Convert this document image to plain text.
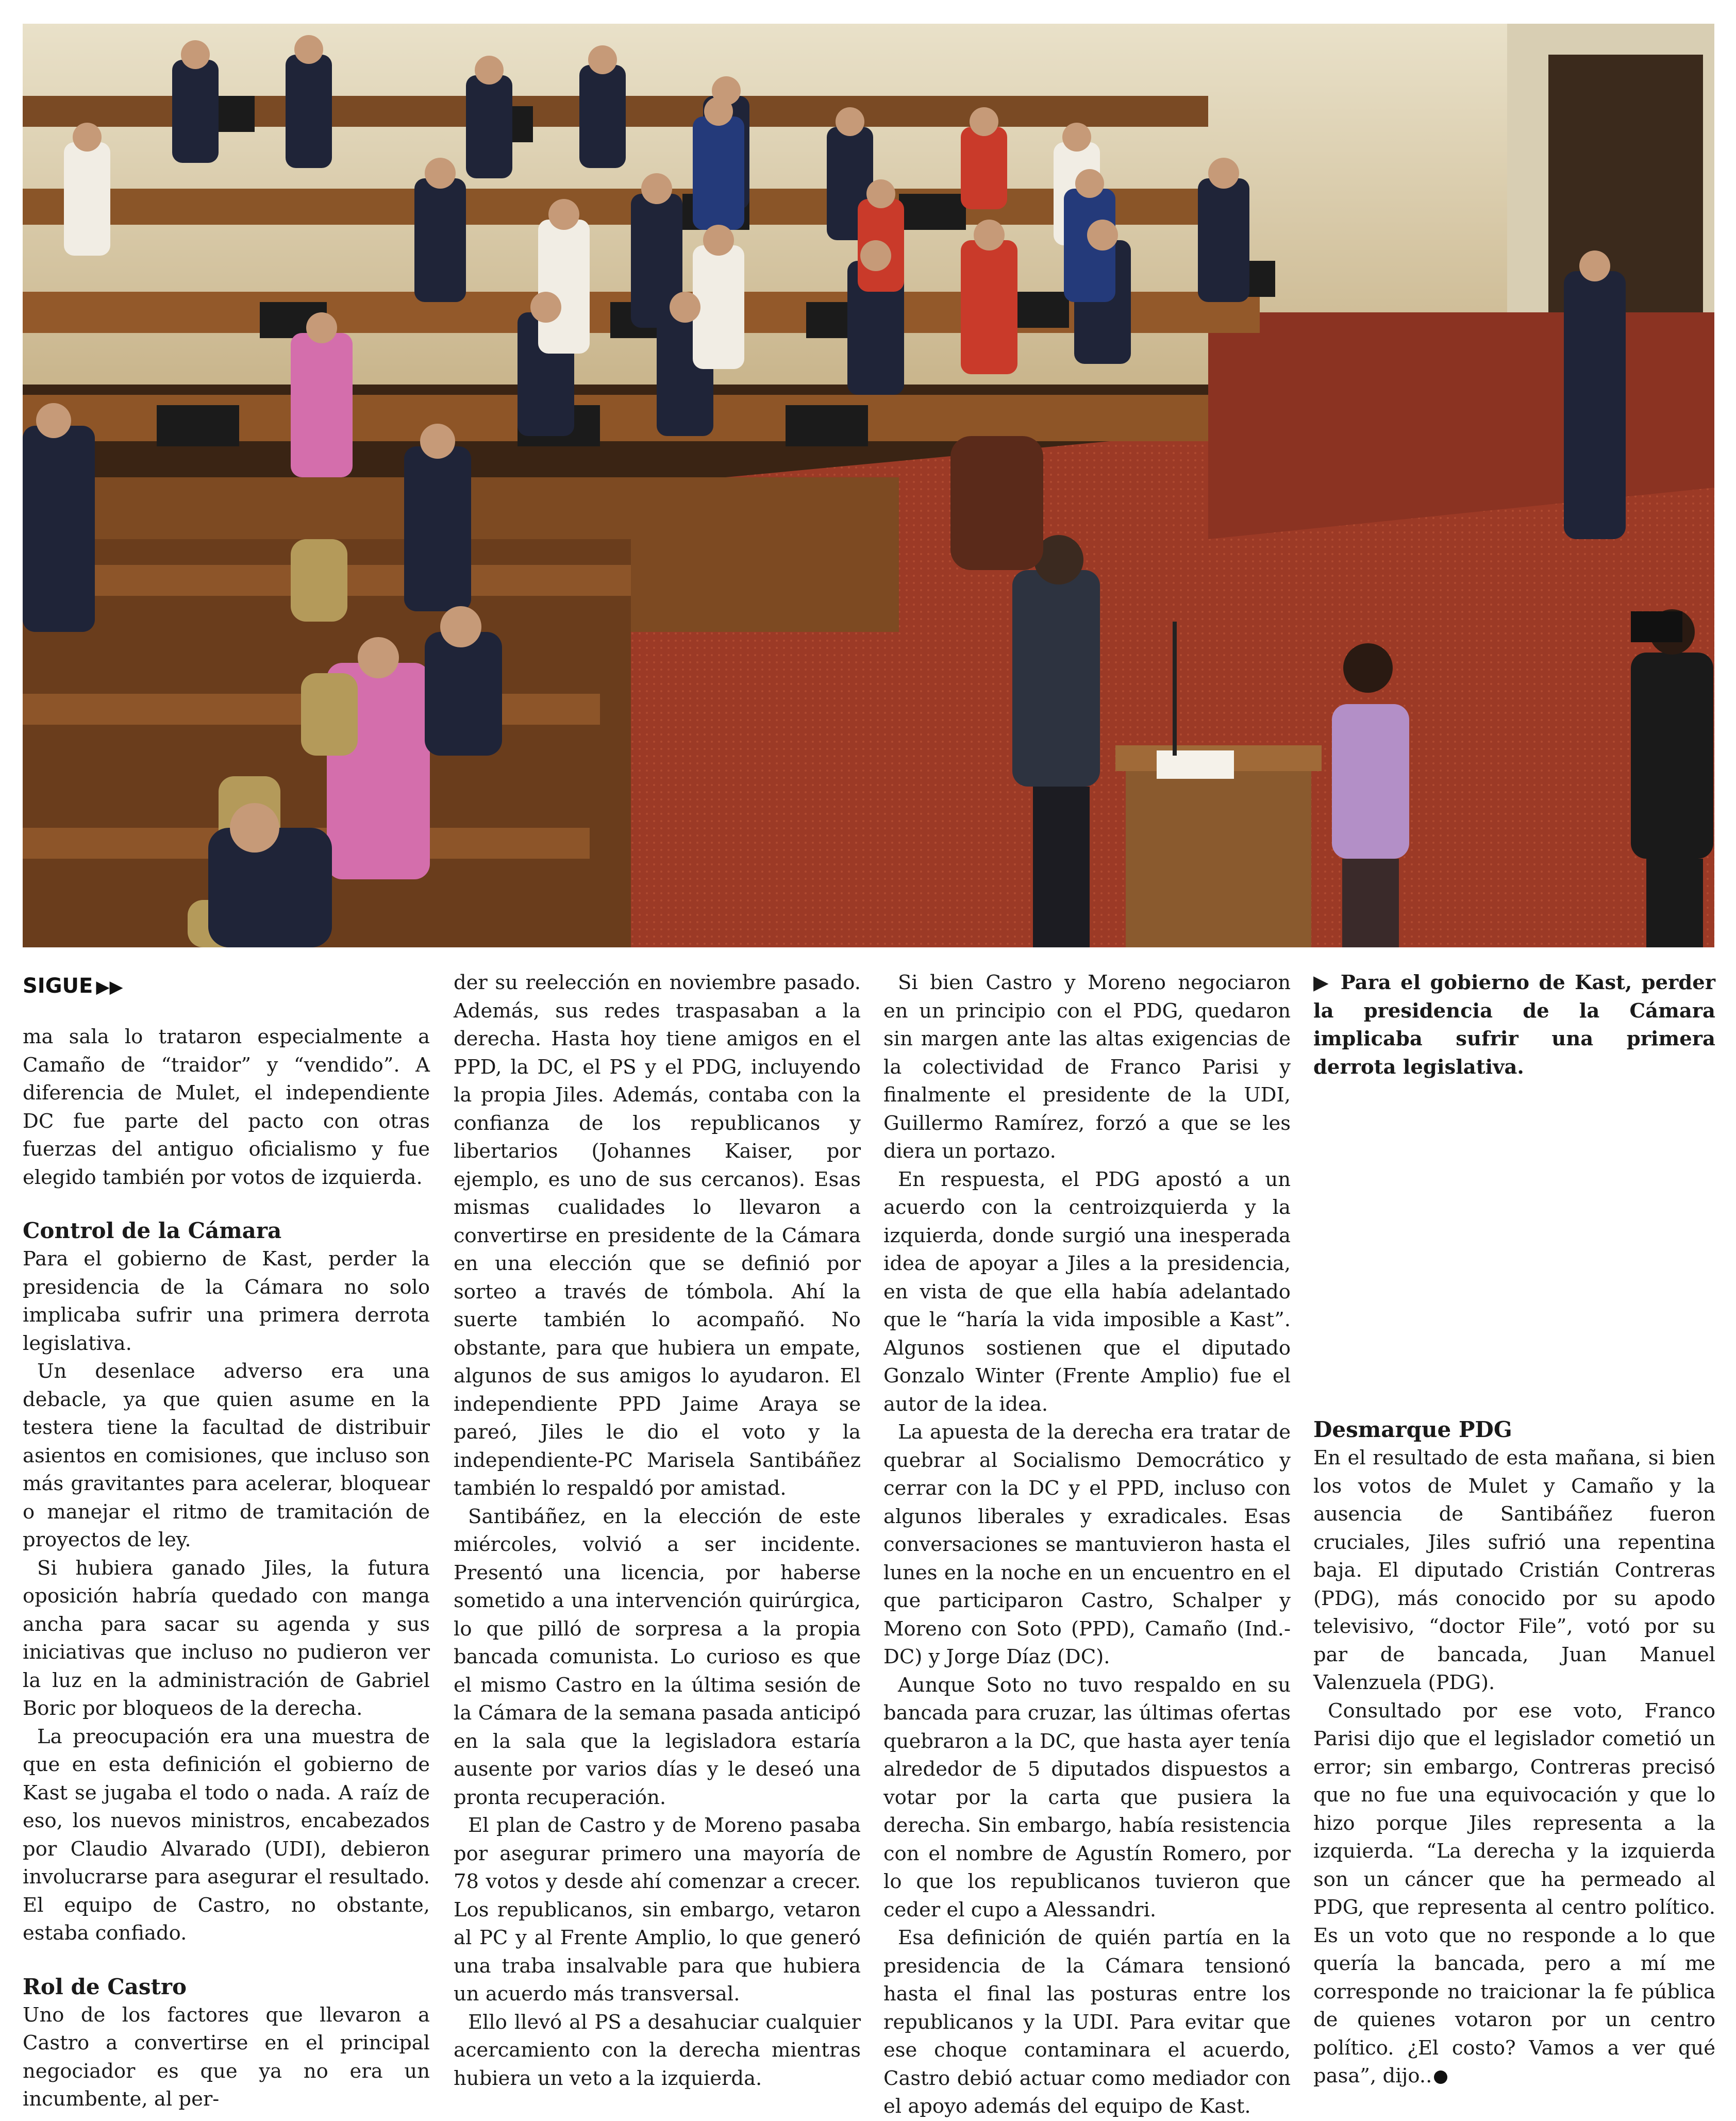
SIGUE ▶▶

ma sala lo trataron especialmente a Camaño de “traidor” y “vendido”. A diferencia de Mulet, el independiente DC fue parte del pacto con otras fuerzas del antiguo oficialismo y fue elegido también por votos de izquierda.

Control de la Cámara

Para el gobierno de Kast, perder la presidencia de la Cámara no solo implicaba sufrir una primera derrota legislativa.

Un desenlace adverso era una debacle, ya que quien asume en la testera tiene la facultad de distribuir asientos en comisiones, que incluso son más gravitantes para acelerar, bloquear o manejar el ritmo de tramitación de proyectos de ley.

Si hubiera ganado Jiles, la futura oposición habría quedado con manga ancha para sacar su agenda y sus iniciativas que incluso no pudieron ver la luz en la administración de Gabriel Boric por bloqueos de la derecha.

La preocupación era una muestra de que en esta definición el gobierno de Kast se jugaba el todo o nada. A raíz de eso, los nuevos ministros, encabezados por Claudio Alvarado (UDI), debieron involucrarse para asegurar el resultado. El equipo de Castro, no obstante, estaba confiado.

Rol de Castro

Uno de los factores que llevaron a Castro a convertirse en el principal negociador es que ya no era un incumbente, al per-

der su reelección en noviembre pasado. Además, sus redes traspasaban a la derecha. Hasta hoy tiene amigos en el PPD, la DC, el PS y el PDG, incluyendo la propia Jiles. Además, contaba con la confianza de los republicanos y libertarios (Johannes Kaiser, por ejemplo, es uno de sus cercanos). Esas mismas cualidades lo llevaron a convertirse en presidente de la Cámara en una elección que se definió por sorteo a través de tómbola. Ahí la suerte también lo acompañó. No obstante, para que hubiera un empate, algunos de sus amigos lo ayudaron. El independiente PPD Jaime Araya se pareó, Jiles le dio el voto y la independiente-PC Marisela Santibáñez también lo respaldó por amistad.

Santibáñez, en la elección de este miércoles, volvió a ser incidente. Presentó una licencia, por haberse sometido a una intervención quirúrgica, lo que pilló de sorpresa a la propia bancada comunista. Lo curioso es que el mismo Castro en la última sesión de la Cámara de la semana pasada anticipó en la sala que la legisladora estaría ausente por varios días y le deseó una pronta recuperación.

El plan de Castro y de Moreno pasaba por asegurar primero una mayoría de 78 votos y desde ahí comenzar a crecer. Los republicanos, sin embargo, vetaron al PC y al Frente Amplio, lo que generó una traba insalvable para que hubiera un acuerdo más transversal.

Ello llevó al PS a desahuciar cualquier acercamiento con la derecha mientras hubiera un veto a la izquierda.

Si bien Castro y Moreno negociaron en un principio con el PDG, quedaron sin margen ante las altas exigencias de la colectividad de Franco Parisi y finalmente el presidente de la UDI, Guillermo Ramírez, forzó a que se les diera un portazo.

En respuesta, el PDG apostó a un acuerdo con la centroizquierda y la izquierda, donde surgió una inesperada idea de apoyar a Jiles a la presidencia, en vista de que ella había adelantado que le “haría la vida imposible a Kast”. Algunos sostienen que el diputado Gonzalo Winter (Frente Amplio) fue el autor de la idea.

La apuesta de la derecha era tratar de quebrar al Socialismo Democrático y cerrar con la DC y el PPD, incluso con algunos liberales y exradicales. Esas conversaciones se mantuvieron hasta el lunes en la noche en un encuentro en el que participaron Castro, Schalper y Moreno con Soto (PPD), Camaño (Ind.-DC) y Jorge Díaz (DC).

Aunque Soto no tuvo respaldo en su bancada para cruzar, las últimas ofertas quebraron a la DC, que hasta ayer tenía alrededor de 5 diputados dispuestos a votar por la carta que pusiera la derecha. Sin embargo, había resistencia con el nombre de Agustín Romero, por lo que los republicanos tuvieron que ceder el cupo a Alessandri.

Esa definición de quién partía en la presidencia de la Cámara tensionó hasta el final las posturas entre los republicanos y la UDI. Para evitar que ese choque contaminara el acuerdo, Castro debió actuar como mediador con el apoyo además del equipo de Kast.

▶ Para el gobierno de Kast, perder la presidencia de la Cámara implicaba sufrir una primera derrota legislativa.

Desmarque PDG

En el resultado de esta mañana, si bien los votos de Mulet y Camaño y la ausencia de Santibáñez fueron cruciales, Jiles sufrió una repentina baja. El diputado Cristián Contreras (PDG), más conocido por su apodo televisivo, “doctor File”, votó por su par de bancada, Juan Manuel Valenzuela (PDG).

Consultado por ese voto, Franco Parisi dijo que el legislador cometió un error; sin embargo, Contreras precisó que no fue una equivocación y que lo hizo porque Jiles representa a la izquierda. “La derecha y la izquierda son un cáncer que ha permeado al PDG, que representa al centro político. Es un voto que no responde a lo que quería la bancada, pero a mí me corresponde no traicionar la fe pública de quienes votaron por un centro político. ¿El costo? Vamos a ver qué pasa”, dijo..
